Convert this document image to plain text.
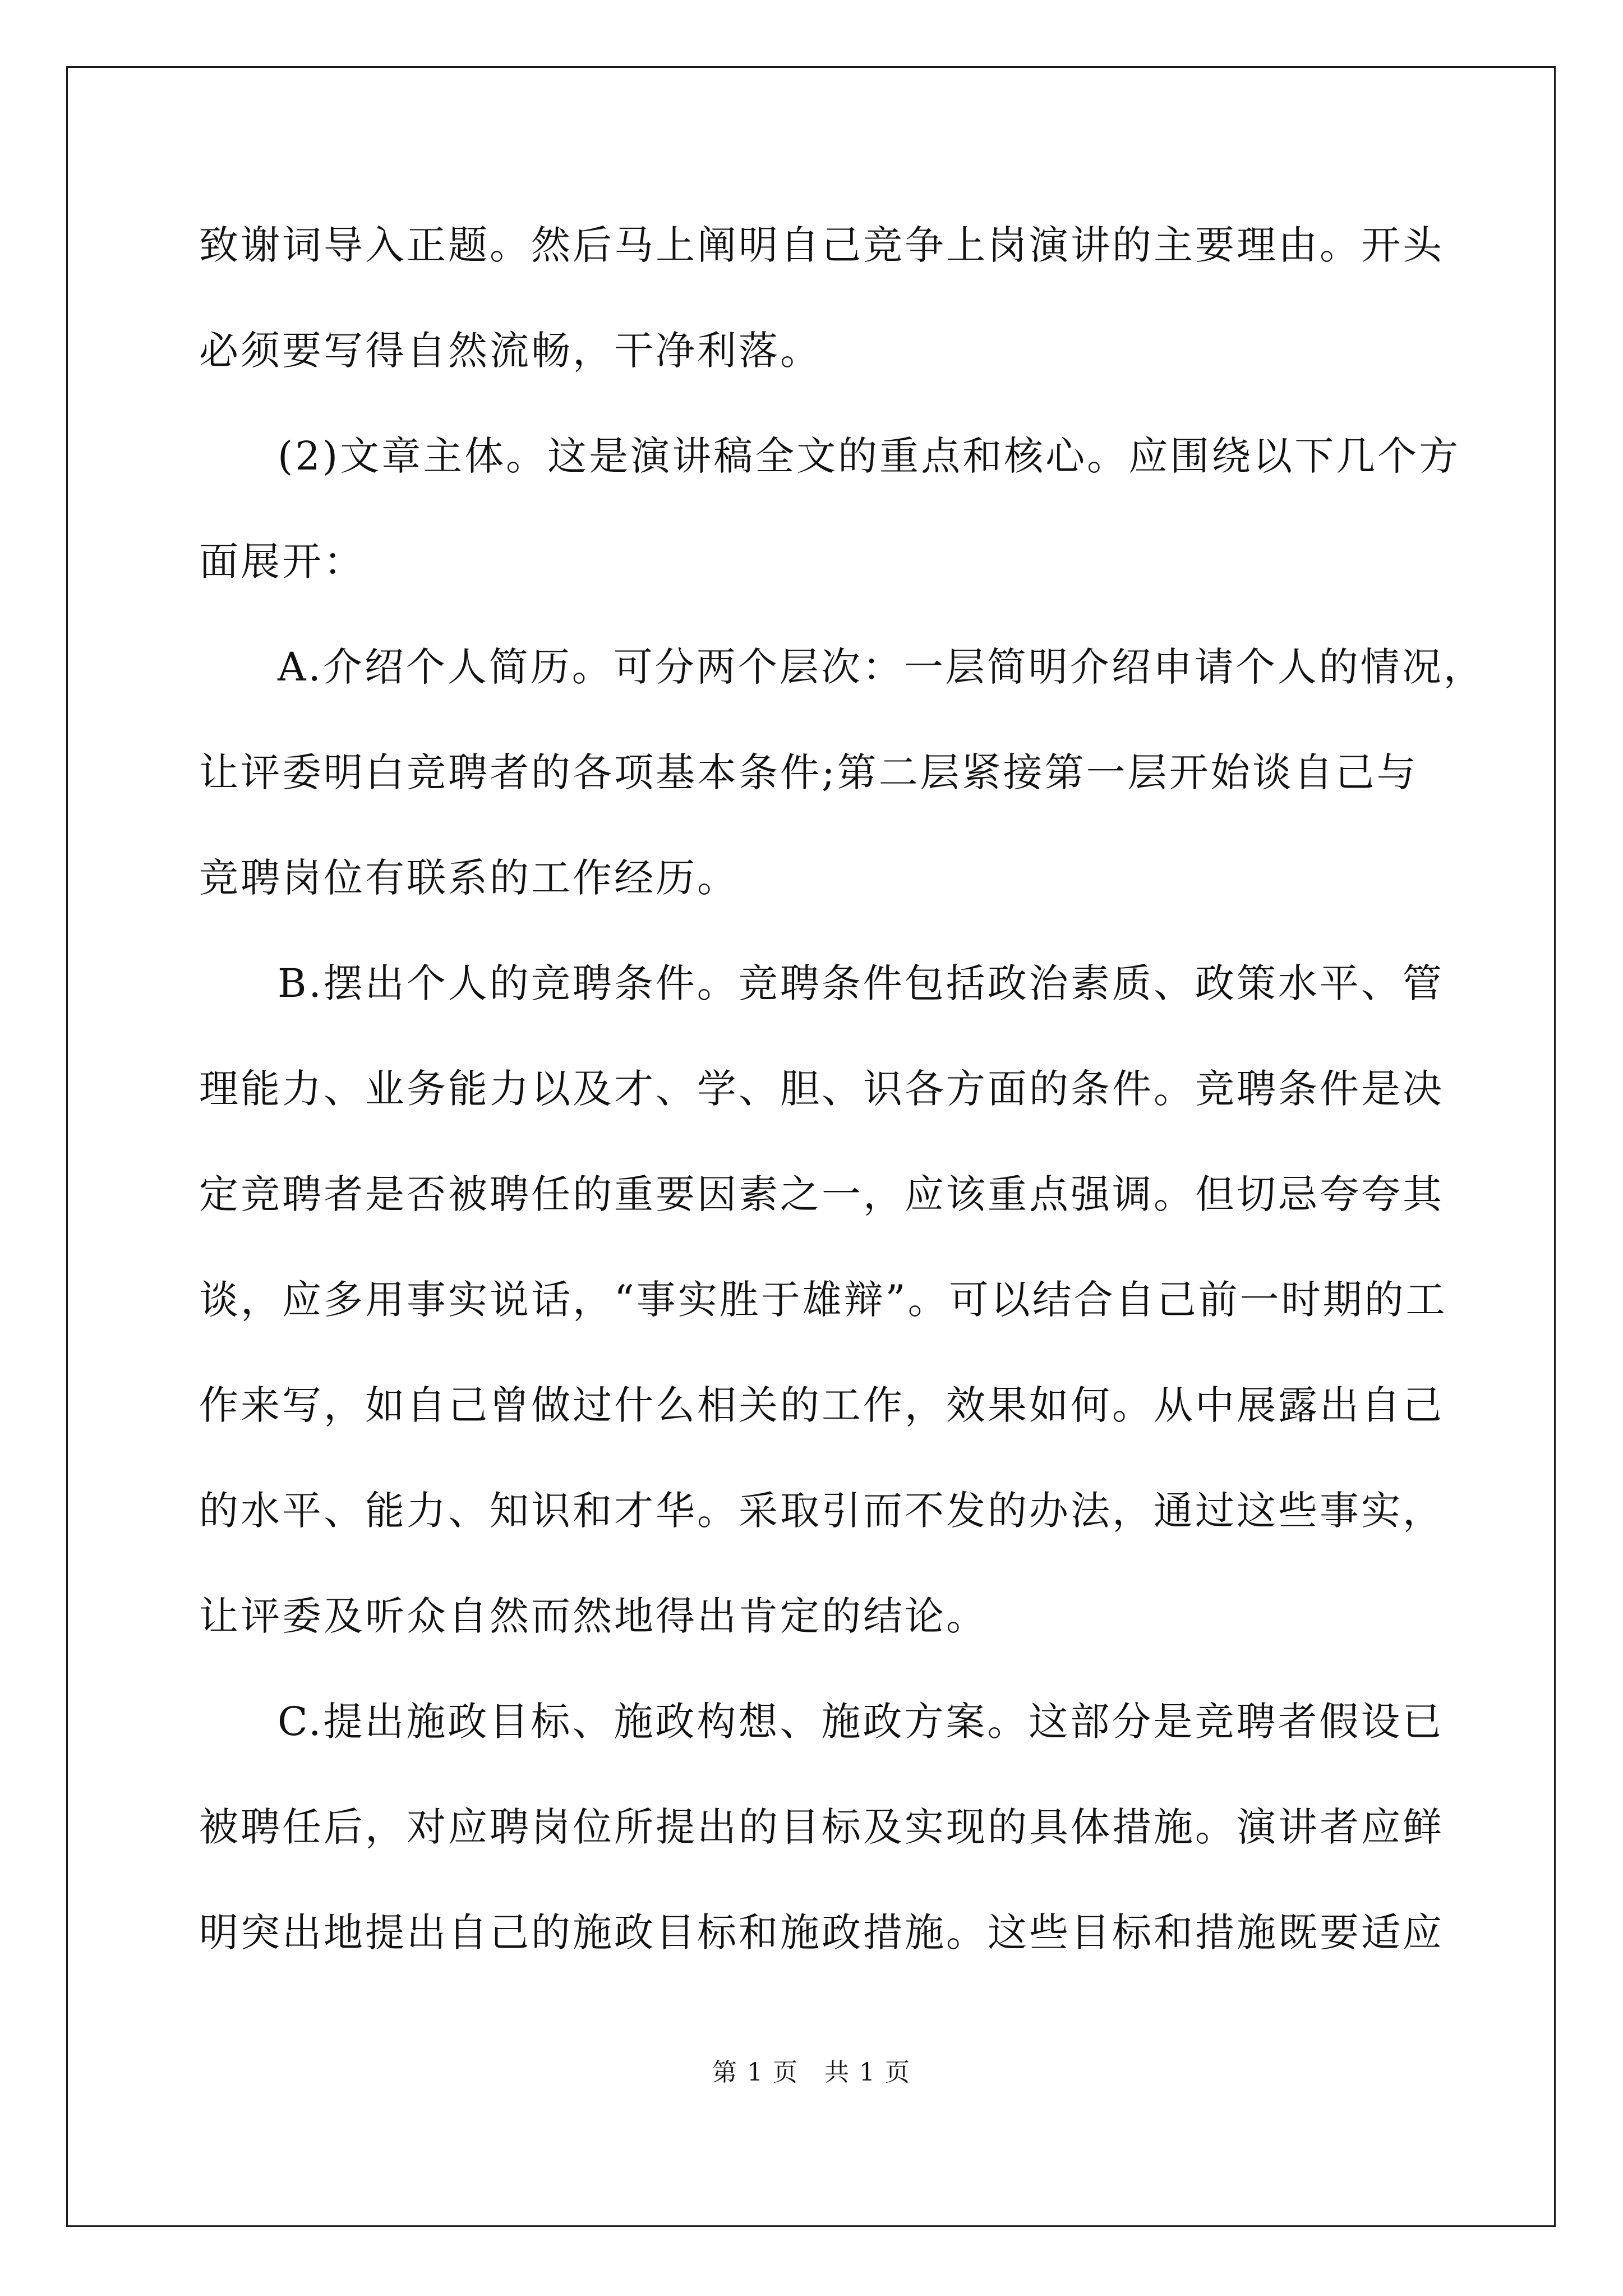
致谢词导入正题。然后马上阐明自己竞争上岗演讲的主要理由。开头

必须要写得自然流畅，干净利落。

(2)文章主体。这是演讲稿全文的重点和核心。应围绕以下几个方

面展开：

A.介绍个人简历。可分两个层次：一层简明介绍申请个人的情况，

让评委明白竞聘者的各项基本条件;第二层紧接第一层开始谈自己与

竞聘岗位有联系的工作经历。

B.摆出个人的竞聘条件。竞聘条件包括政治素质、政策水平、管

理能力、业务能力以及才、学、胆、识各方面的条件。竞聘条件是决

定竞聘者是否被聘任的重要因素之一，应该重点强调。但切忌夸夸其

谈，应多用事实说话，“事实胜于雄辩”。可以结合自己前一时期的工

作来写，如自己曾做过什么相关的工作，效果如何。从中展露出自己

的水平、能力、知识和才华。采取引而不发的办法，通过这些事实，

让评委及听众自然而然地得出肯定的结论。

C.提出施政目标、施政构想、施政方案。这部分是竞聘者假设已

被聘任后，对应聘岗位所提出的目标及实现的具体措施。演讲者应鲜

明突出地提出自己的施政目标和施政措施。这些目标和措施既要适应

第 1 页　共 1 页
